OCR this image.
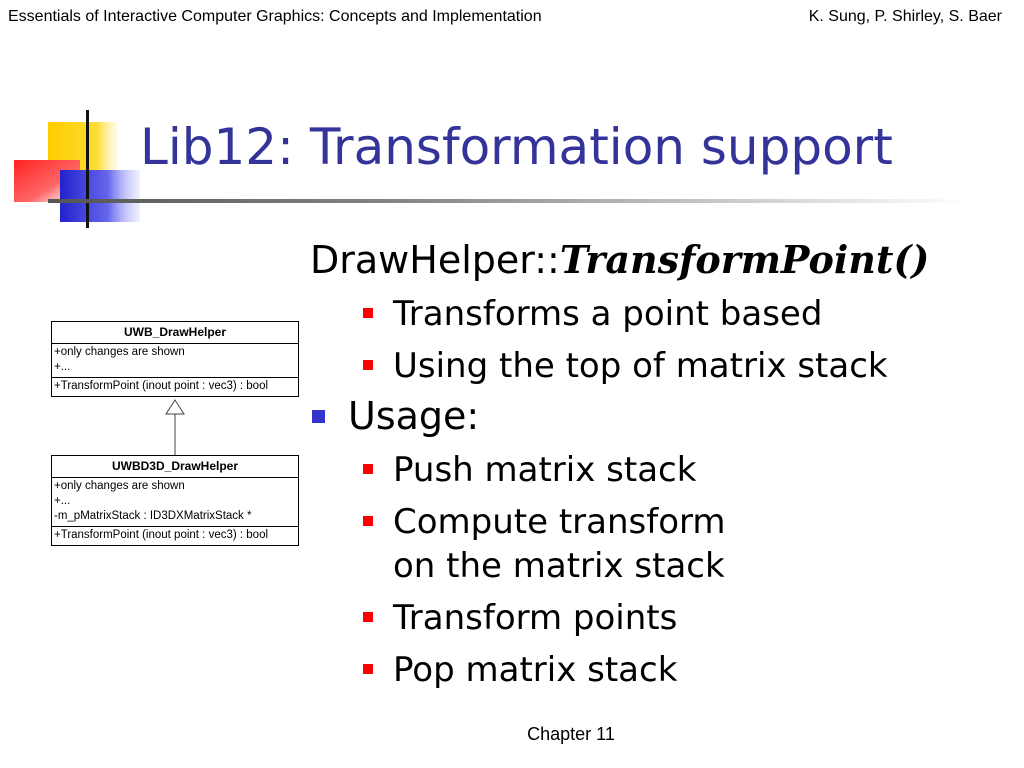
Essentials of Interactive Computer Graphics: Concepts and Implementation	K. Sung, P. Shirley, S. Baer
Lib12: Transformation support
DrawHelper::TransformPoint()
Transforms a point based
Using the top of matrix stack
Usage:
Push matrix stack
Compute transform
on the matrix stack
Transform points
Pop matrix stack
UWB_DrawHelper
+only changes are shown
+...
+TransformPoint (inout point : vec3) : bool
UWBD3D_DrawHelper
+only changes are shown
+...
-m_pMatrixStack : ID3DXMatrixStack *
+TransformPoint (inout point : vec3) : bool
Chapter 11
